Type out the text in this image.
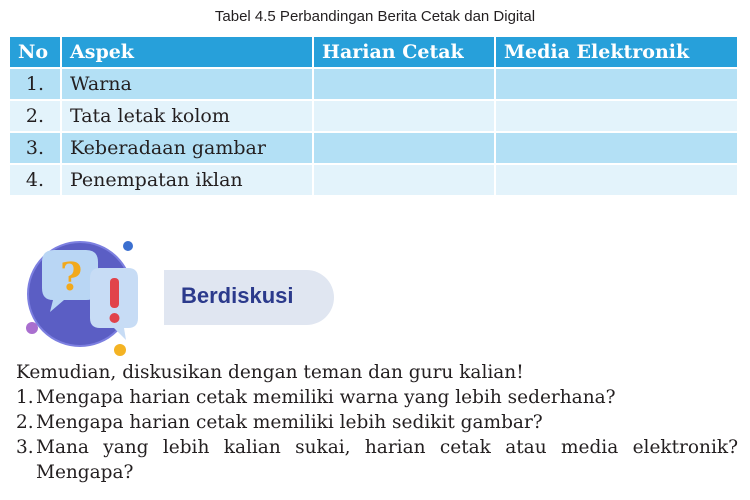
Tabel 4.5 Perbandingan Berita Cetak dan Digital
No	Aspek	Harian Cetak	Media Elektronik
1.	Warna		
2.	Tata letak kolom		
3.	Keberadaan gambar		
4.	Penempatan iklan		
?	Berdiskusi

Kemudian, diskusikan dengan teman dan guru kalian!

1. Mengapa harian cetak memiliki warna yang lebih sederhana?
2. Mengapa harian cetak memiliki lebih sedikit gambar?
3. Mana yang lebih kalian sukai, harian cetak atau media elektronik? Mengapa?
